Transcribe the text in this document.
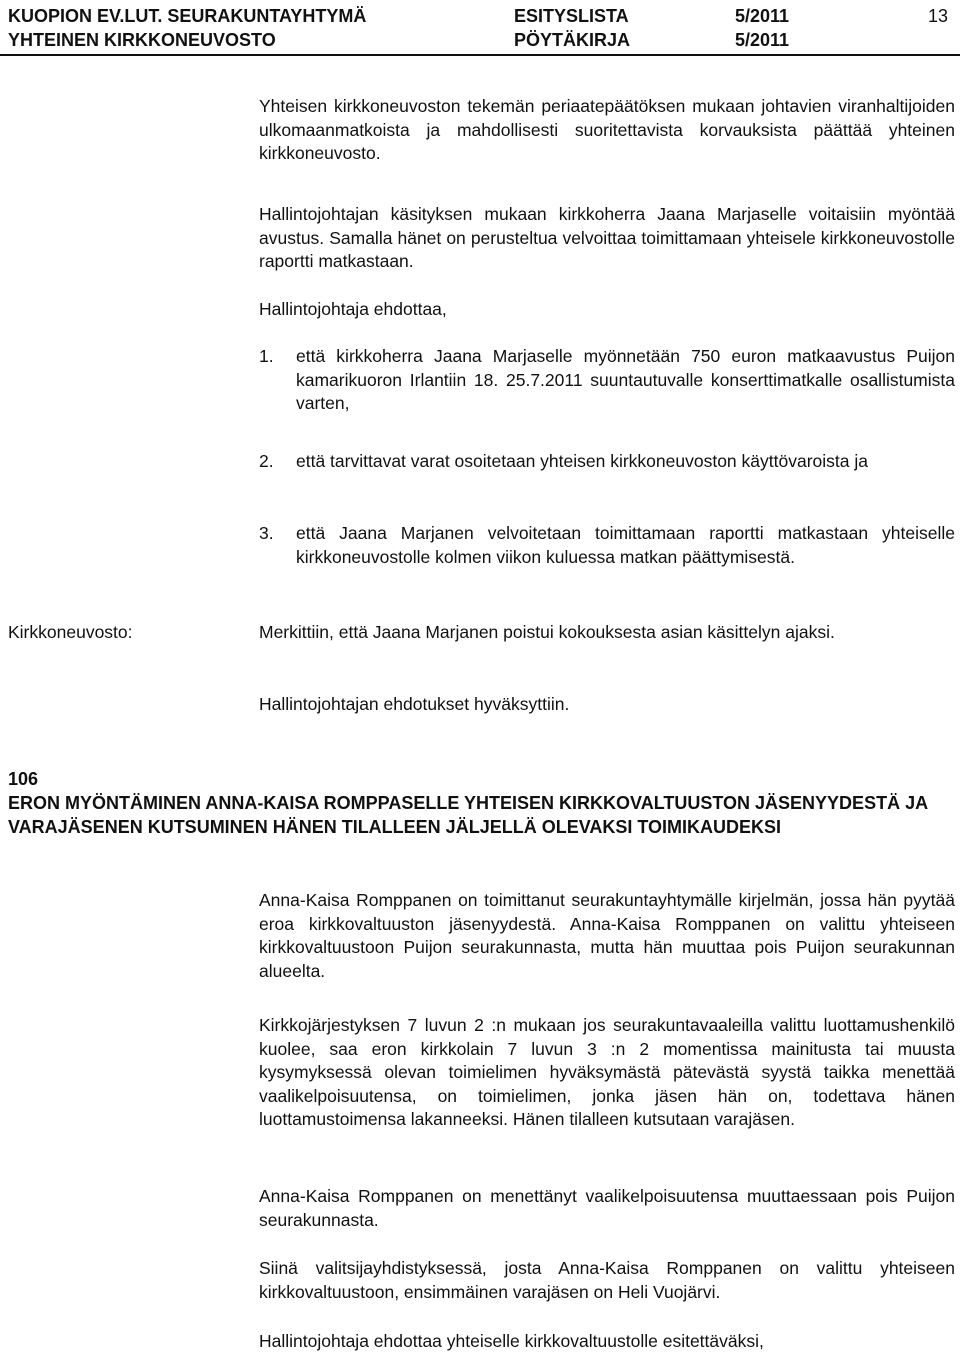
KUOPION EV.LUT. SEURAKUNTAYHTYMÄ
YHTEINEN KIRKKONEUVOSTO
ESITYSLISTA
PÖYTÄKIRJA
5/2011
5/2011
13

Yhteisen kirkkoneuvoston tekemän periaatepäätöksen mukaan johtavien viranhaltijoiden ulkomaanmatkoista ja mahdollisesti suoritettavista korvauksista päättää yhteinen kirkkoneuvosto.

Hallintojohtajan käsityksen mukaan kirkkoherra Jaana Marjaselle voitaisiin myöntää avustus. Samalla hänet on perusteltua velvoittaa toimittamaan yhteisele kirkkoneuvostolle raportti matkastaan.

Hallintojohtaja ehdottaa,
1. että kirkkoherra Jaana Marjaselle myönnetään 750 euron matkaavustus Puijon kamarikuoron Irlantiin 18. 25.7.2011 suuntautuvalle konserttimatkalle osallistumista varten,

2. että tarvittavat varat osoitetaan yhteisen kirkkoneuvoston käyttövaroista ja

3. että Jaana Marjanen velvoitetaan toimittamaan raportti matkastaan yhteiselle kirkkoneuvostolle kolmen viikon kuluessa matkan päättymisestä.

Kirkkoneuvosto:	Merkittiin, että Jaana Marjanen poistui kokouksesta asian käsittelyn ajaksi.

Hallintojohtajan ehdotukset hyväksyttiin.
106
ERON MYÖNTÄMINEN ANNA-KAISA ROMPPASELLE YHTEISEN KIRKKOVALTUUSTON JÄSENYYDESTÄ JA VARAJÄSENEN KUTSUMINEN HÄNEN TILALLEEN JÄLJELLÄ OLEVAKSI TOIMIKAUDEKSI

Anna-Kaisa Romppanen on toimittanut seurakuntayhtymälle kirjelmän, jossa hän pyytää eroa kirkkovaltuuston jäsenyydestä. Anna-Kaisa Romppanen on valittu yhteiseen kirkkovaltuustoon Puijon seurakunnasta, mutta hän muuttaa pois Puijon seurakunnan alueelta.

Kirkkojärjestyksen 7 luvun 2 :n mukaan jos seurakuntavaaleilla valittu luottamushenkilö kuolee, saa eron kirkkolain 7 luvun 3 :n 2 momentissa mainitusta tai muusta kysymyksessä olevan toimielimen hyväksymästä pätevästä syystä taikka menettää vaalikelpoisuutensa, on toimielimen, jonka jäsen hän on, todettava hänen luottamustoimensa lakanneeksi. Hänen tilalleen kutsutaan varajäsen.

Anna-Kaisa Romppanen on menettänyt vaalikelpoisuutensa muuttaessaan pois Puijon seurakunnasta.

Siinä valitsijayhdistyksessä, josta Anna-Kaisa Romppanen on valittu yhteiseen kirkkovaltuustoon, ensimmäinen varajäsen on Heli Vuojärvi.

Hallintojohtaja ehdottaa yhteiselle kirkkovaltuustolle esitettäväksi,
